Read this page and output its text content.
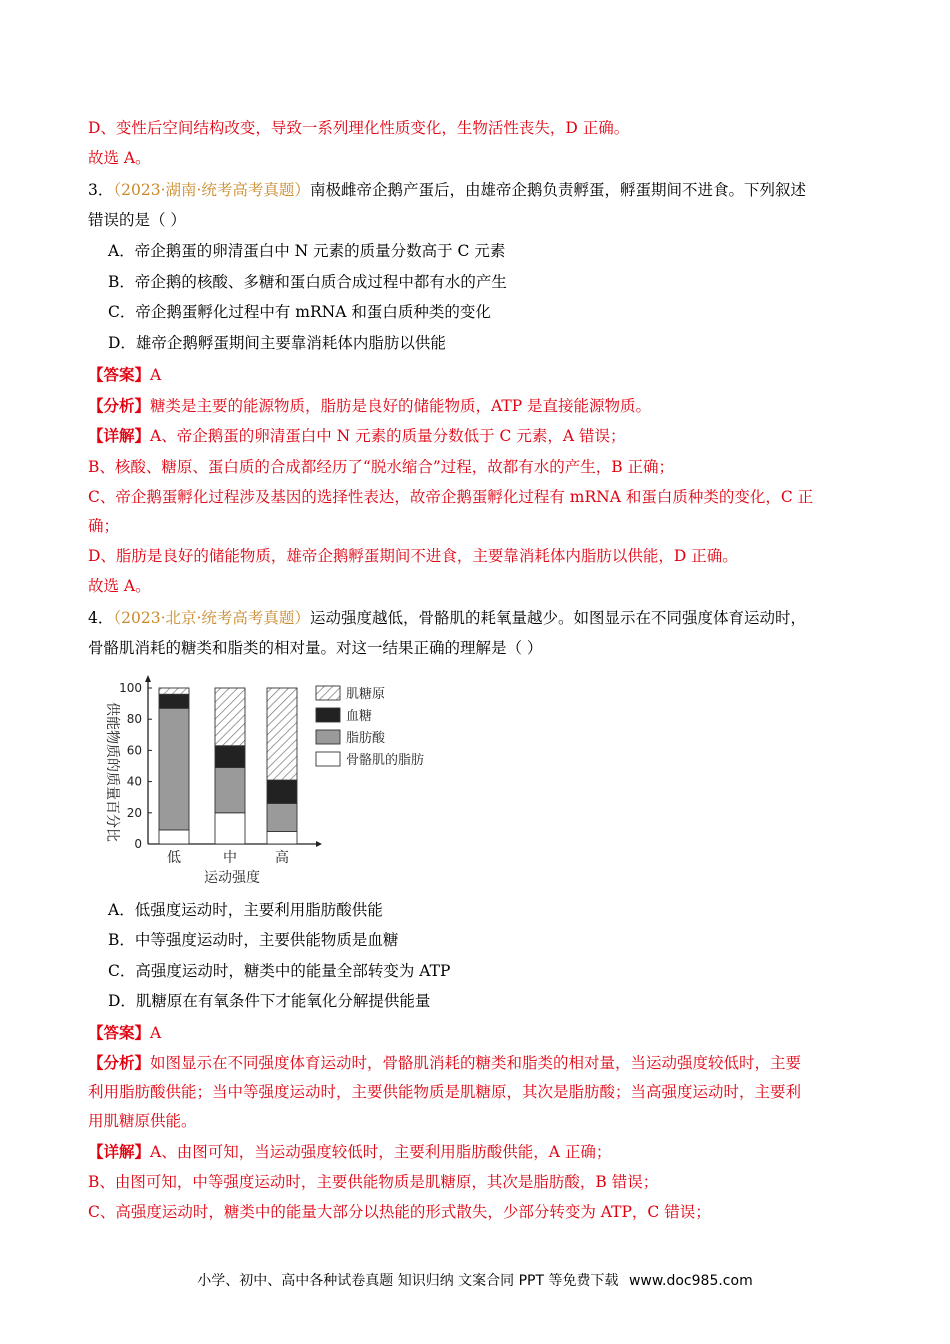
D、变性后空间结构改变，导致一系列理化性质变化，生物活性丧失，D 正确。
故选 A。
3．（2023·湖南·统考高考真题）南极雌帝企鹅产蛋后，由雄帝企鹅负责孵蛋，孵蛋期间不进食。下列叙述
错误的是（ ）
A．帝企鹅蛋的卵清蛋白中 N 元素的质量分数高于 C 元素
B．帝企鹅的核酸、多糖和蛋白质合成过程中都有水的产生
C．帝企鹅蛋孵化过程中有 mRNA 和蛋白质种类的变化
D．雄帝企鹅孵蛋期间主要靠消耗体内脂肪以供能
【答案】A
【分析】糖类是主要的能源物质，脂肪是良好的储能物质，ATP 是直接能源物质。
【详解】A、帝企鹅蛋的卵清蛋白中 N 元素的质量分数低于 C 元素，A 错误；
B、核酸、糖原、蛋白质的合成都经历了“脱水缩合”过程，故都有水的产生，B 正确；
C、帝企鹅蛋孵化过程涉及基因的选择性表达，故帝企鹅蛋孵化过程有 mRNA 和蛋白质种类的变化，C 正
确；
D、脂肪是良好的储能物质，雄帝企鹅孵蛋期间不进食，主要靠消耗体内脂肪以供能，D 正确。
故选 A。
4．（2023·北京·统考高考真题）运动强度越低，骨骼肌的耗氧量越少。如图显示在不同强度体育运动时，
骨骼肌消耗的糖类和脂类的相对量。对这一结果正确的理解是（ ）
0
20
40
60
80
100
低	中	高
肌糖原
血糖
脂肪酸
骨骼肌的脂肪
供能物质的质量百分比
运动强度
A．低强度运动时，主要利用脂肪酸供能
B．中等强度运动时，主要供能物质是血糖
C．高强度运动时，糖类中的能量全部转变为 ATP
D．肌糖原在有氧条件下才能氧化分解提供能量
【答案】A
【分析】如图显示在不同强度体育运动时，骨骼肌消耗的糖类和脂类的相对量，当运动强度较低时，主要
利用脂肪酸供能；当中等强度运动时，主要供能物质是肌糖原，其次是脂肪酸；当高强度运动时，主要利
用肌糖原供能。
【详解】A、由图可知，当运动强度较低时，主要利用脂肪酸供能，A 正确；
B、由图可知，中等强度运动时，主要供能物质是肌糖原，其次是脂肪酸，B 错误；
C、高强度运动时，糖类中的能量大部分以热能的形式散失，少部分转变为 ATP，C 错误；
小学、初中、高中各种试卷真题 知识归纳 文案合同 PPT 等免费下载 www.doc985.com
